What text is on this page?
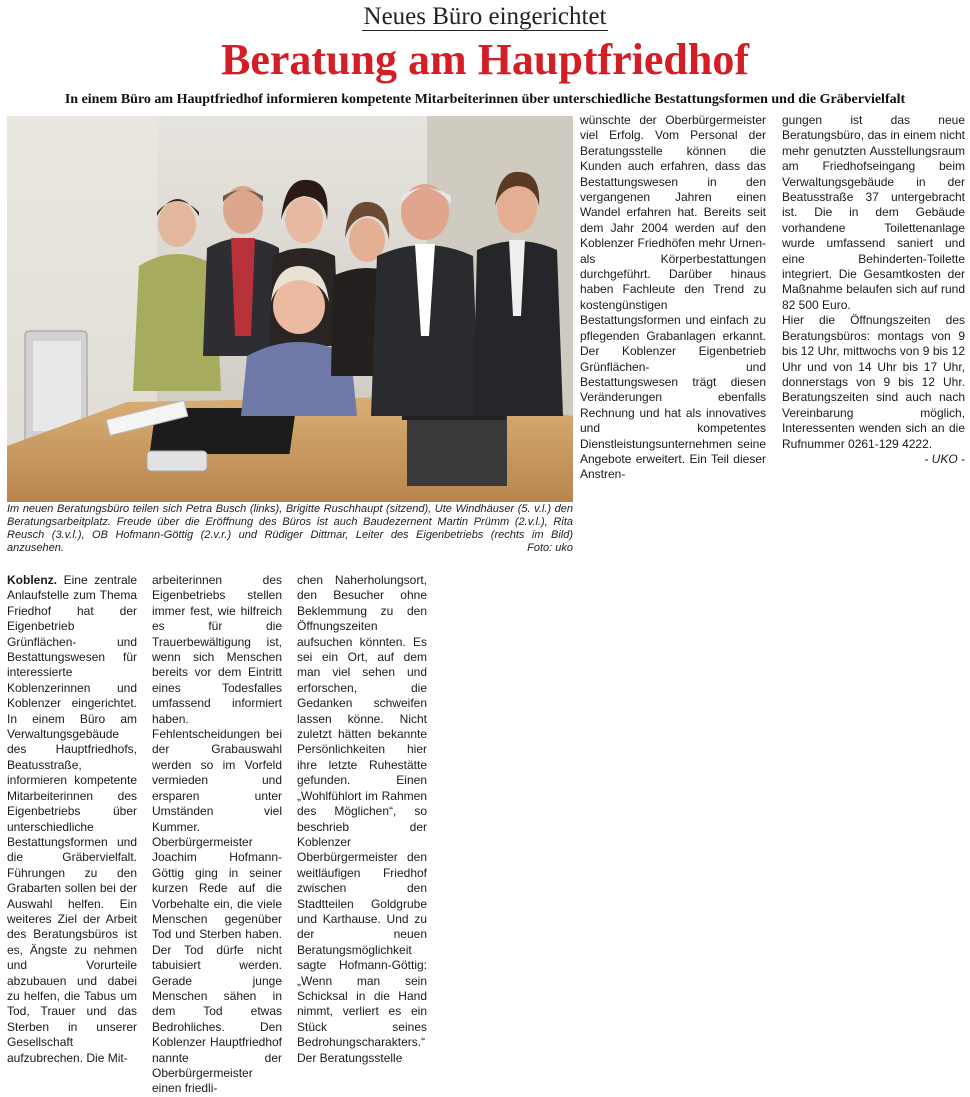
Neues Büro eingerichtet
Beratung am Hauptfriedhof
In einem Büro am Hauptfriedhof informieren kompetente Mitarbeiterinnen über unterschiedliche Bestattungsformen und die Gräbervielfalt
Im neuen Beratungsbüro teilen sich Petra Busch (links), Brigitte Ruschhaupt (sitzend), Ute Windhäuser (5. v.l.) den Beratungsarbeitplatz. Freude über die Eröffnung des Büros ist auch Baudezernent Martin Prümm (2.v.l.), Rita Reusch (3.v.l.), OB Hofmann-Göttig (2.v.r.) und Rüdiger Dittmar, Leiter des Eigenbetriebs (rechts im Bild) anzusehen.	Foto: uko

Koblenz. Eine zentrale Anlaufstelle zum Thema Friedhof hat der Eigenbetrieb Grünflächen- und Bestattungswesen für interessierte Koblenzerinnen und Koblenzer eingerichtet. In einem Büro am Verwaltungsgebäude des Hauptfriedhofs, Beatusstraße, informieren kompetente Mitarbeiterinnen des Eigenbetriebs über unterschiedliche Bestattungsformen und die Gräbervielfalt. Führungen zu den Grabarten sollen bei der Auswahl helfen. Ein weiteres Ziel der Arbeit des Beratungsbüros ist es, Ängste zu nehmen und Vorurteile abzubauen und dabei zu helfen, die Tabus um Tod, Trauer und das Sterben in unserer Gesellschaft aufzubrechen. Die Mit-

arbeiterinnen des Eigenbetriebs stellen immer fest, wie hilfreich es für die Trauerbewältigung ist, wenn sich Menschen bereits vor dem Eintritt eines Todesfalles umfassend informiert haben. Fehlentscheidungen bei der Grabauswahl werden so im Vorfeld vermieden und ersparen unter Umständen viel Kummer.

Oberbürgermeister Joachim Hofmann-Göttig ging in seiner kurzen Rede auf die Vorbehalte ein, die viele Menschen gegenüber Tod und Sterben haben. Der Tod dürfe nicht tabuisiert werden. Gerade junge Menschen sähen in dem Tod etwas Bedrohliches. Den Koblenzer Hauptfriedhof nannte der Oberbürgermeister einen friedli-

chen Naherholungsort, den Besucher ohne Beklemmung zu den Öffnungszeiten aufsuchen könnten. Es sei ein Ort, auf dem man viel sehen und erforschen, die Gedanken schweifen lassen könne. Nicht zuletzt hätten bekannte Persönlichkeiten hier ihre letzte Ruhestätte gefunden. Einen „Wohlfühlort im Rahmen des Möglichen“, so beschrieb der Koblenzer Oberbürgermeister den weitläufigen Friedhof zwischen den Stadtteilen Goldgrube und Karthause. Und zu der neuen Beratungsmöglichkeit sagte Hofmann-Göttig: „Wenn man sein Schicksal in die Hand nimmt, verliert es ein Stück seines Bedrohungscharakters.“ Der Beratungsstelle

wünschte der Oberbürgermeister viel Erfolg. Vom Personal der Beratungsstelle können die Kunden auch erfahren, dass das Bestattungswesen in den vergangenen Jahren einen Wandel erfahren hat. Bereits seit dem Jahr 2004 werden auf den Koblenzer Friedhöfen mehr Urnen- als Körperbestattungen durchgeführt. Darüber hinaus haben Fachleute den Trend zu kostengünstigen Bestattungsformen und einfach zu pflegenden Grabanlagen erkannt. Der Koblenzer Eigenbetrieb Grünflächen- und Bestattungswesen trägt diesen Veränderungen ebenfalls Rechnung und hat als innovatives und kompetentes Dienstleistungsunternehmen seine Angebote erweitert. Ein Teil dieser Anstren-

gungen ist das neue Beratungsbüro, das in einem nicht mehr genutzten Ausstellungsraum am Friedhofseingang beim Verwaltungsgebäude in der Beatusstraße 37 untergebracht ist. Die in dem Gebäude vorhandene Toilettenanlage wurde umfassend saniert und eine Behinderten-Toilette integriert. Die Gesamtkosten der Maßnahme belaufen sich auf rund 82 500 Euro.

Hier die Öffnungszeiten des Beratungsbüros: montags von 9 bis 12 Uhr, mittwochs von 9 bis 12 Uhr und von 14 Uhr bis 17 Uhr, donnerstags von 9 bis 12 Uhr. Beratungszeiten sind auch nach Vereinbarung möglich, Interessenten wenden sich an die Rufnummer 0261-129 4222.
- UKO -
